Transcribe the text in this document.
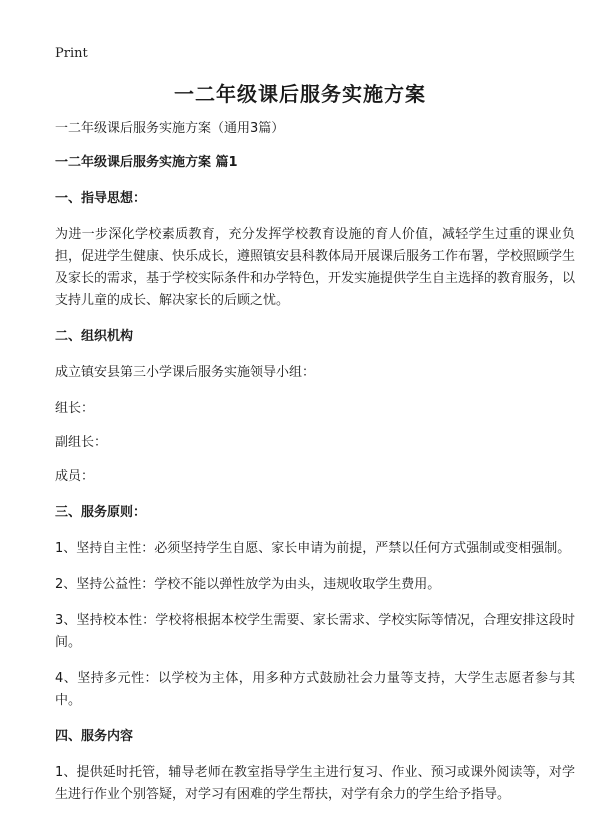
Print
一二年级课后服务实施方案

一二年级课后服务实施方案（通用3篇）

一二年级课后服务实施方案 篇1

一、指导思想：

为进一步深化学校素质教育，充分发挥学校教育设施的育人价值，减轻学生过重的课业负担，促进学生健康、快乐成长，遵照镇安县科教体局开展课后服务工作布署，学校照顾学生及家长的需求，基于学校实际条件和办学特色，开发实施提供学生自主选择的教育服务，以支持儿童的成长、解决家长的后顾之忧。

二、组织机构

成立镇安县第三小学课后服务实施领导小组：

组长：

副组长：

成员：

三、服务原则：

1、坚持自主性：必须坚持学生自愿、家长申请为前提，严禁以任何方式强制或变相强制。

2、坚持公益性：学校不能以弹性放学为由头，违规收取学生费用。

3、坚持校本性：学校将根据本校学生需要、家长需求、学校实际等情况，合理安排这段时间。

4、坚持多元性：以学校为主体，用多种方式鼓励社会力量等支持，大学生志愿者参与其中。

四、服务内容

1、提供延时托管，辅导老师在教室指导学生主进行复习、作业、预习或课外阅读等，对学生进行作业个别答疑，对学习有困难的学生帮扶，对学有余力的学生给予指导。
